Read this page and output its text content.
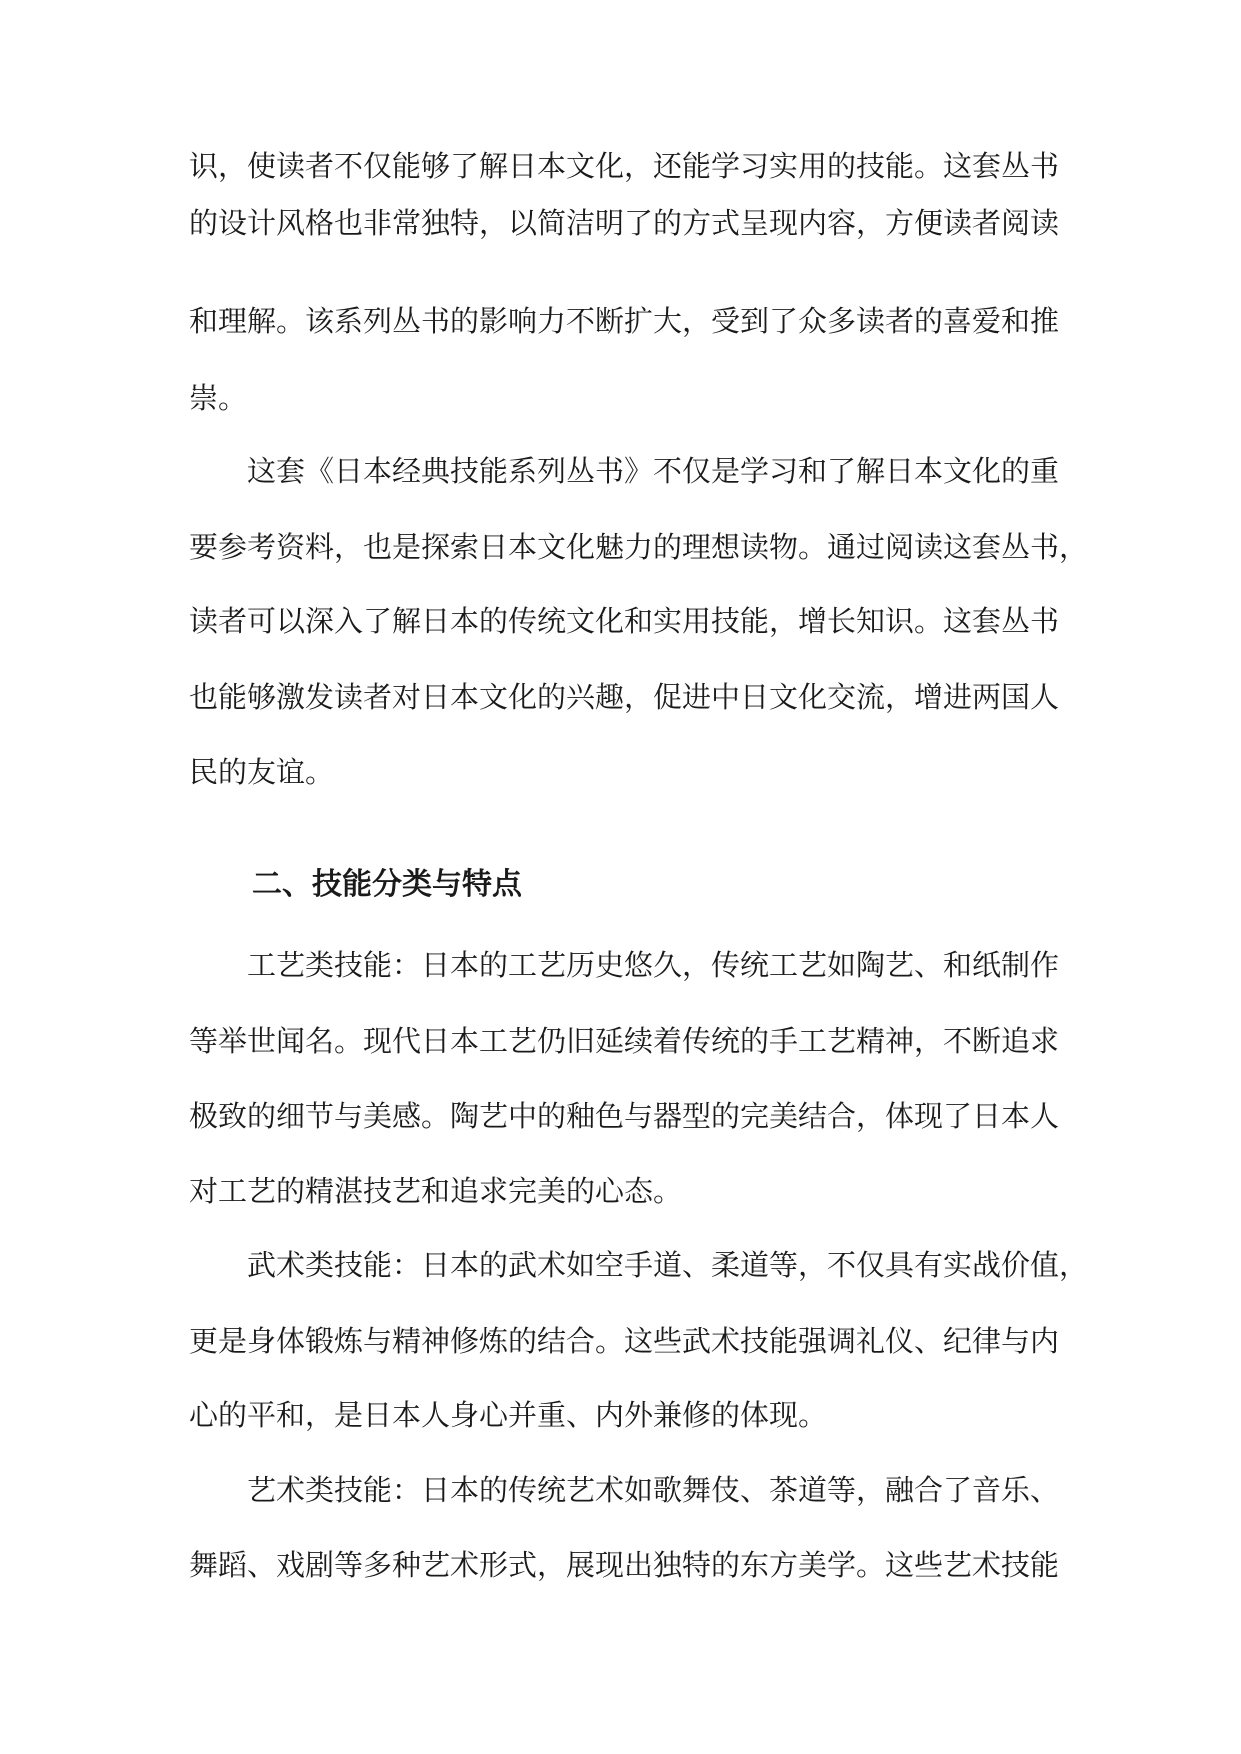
识，使读者不仅能够了解日本文化，还能学习实用的技能。这套丛书
的设计风格也非常独特，以简洁明了的方式呈现内容，方便读者阅读
和理解。该系列丛书的影响力不断扩大，受到了众多读者的喜爱和推
崇。
　　这套《日本经典技能系列丛书》不仅是学习和了解日本文化的重
要参考资料，也是探索日本文化魅力的理想读物。通过阅读这套丛书，
读者可以深入了解日本的传统文化和实用技能，增长知识。这套丛书
也能够激发读者对日本文化的兴趣，促进中日文化交流，增进两国人
民的友谊。
二、技能分类与特点
　　工艺类技能：日本的工艺历史悠久，传统工艺如陶艺、和纸制作
等举世闻名。现代日本工艺仍旧延续着传统的手工艺精神，不断追求
极致的细节与美感。陶艺中的釉色与器型的完美结合，体现了日本人
对工艺的精湛技艺和追求完美的心态。
　　武术类技能：日本的武术如空手道、柔道等，不仅具有实战价值，
更是身体锻炼与精神修炼的结合。这些武术技能强调礼仪、纪律与内
心的平和，是日本人身心并重、内外兼修的体现。
　　艺术类技能：日本的传统艺术如歌舞伎、茶道等，融合了音乐、
舞蹈、戏剧等多种艺术形式，展现出独特的东方美学。这些艺术技能
